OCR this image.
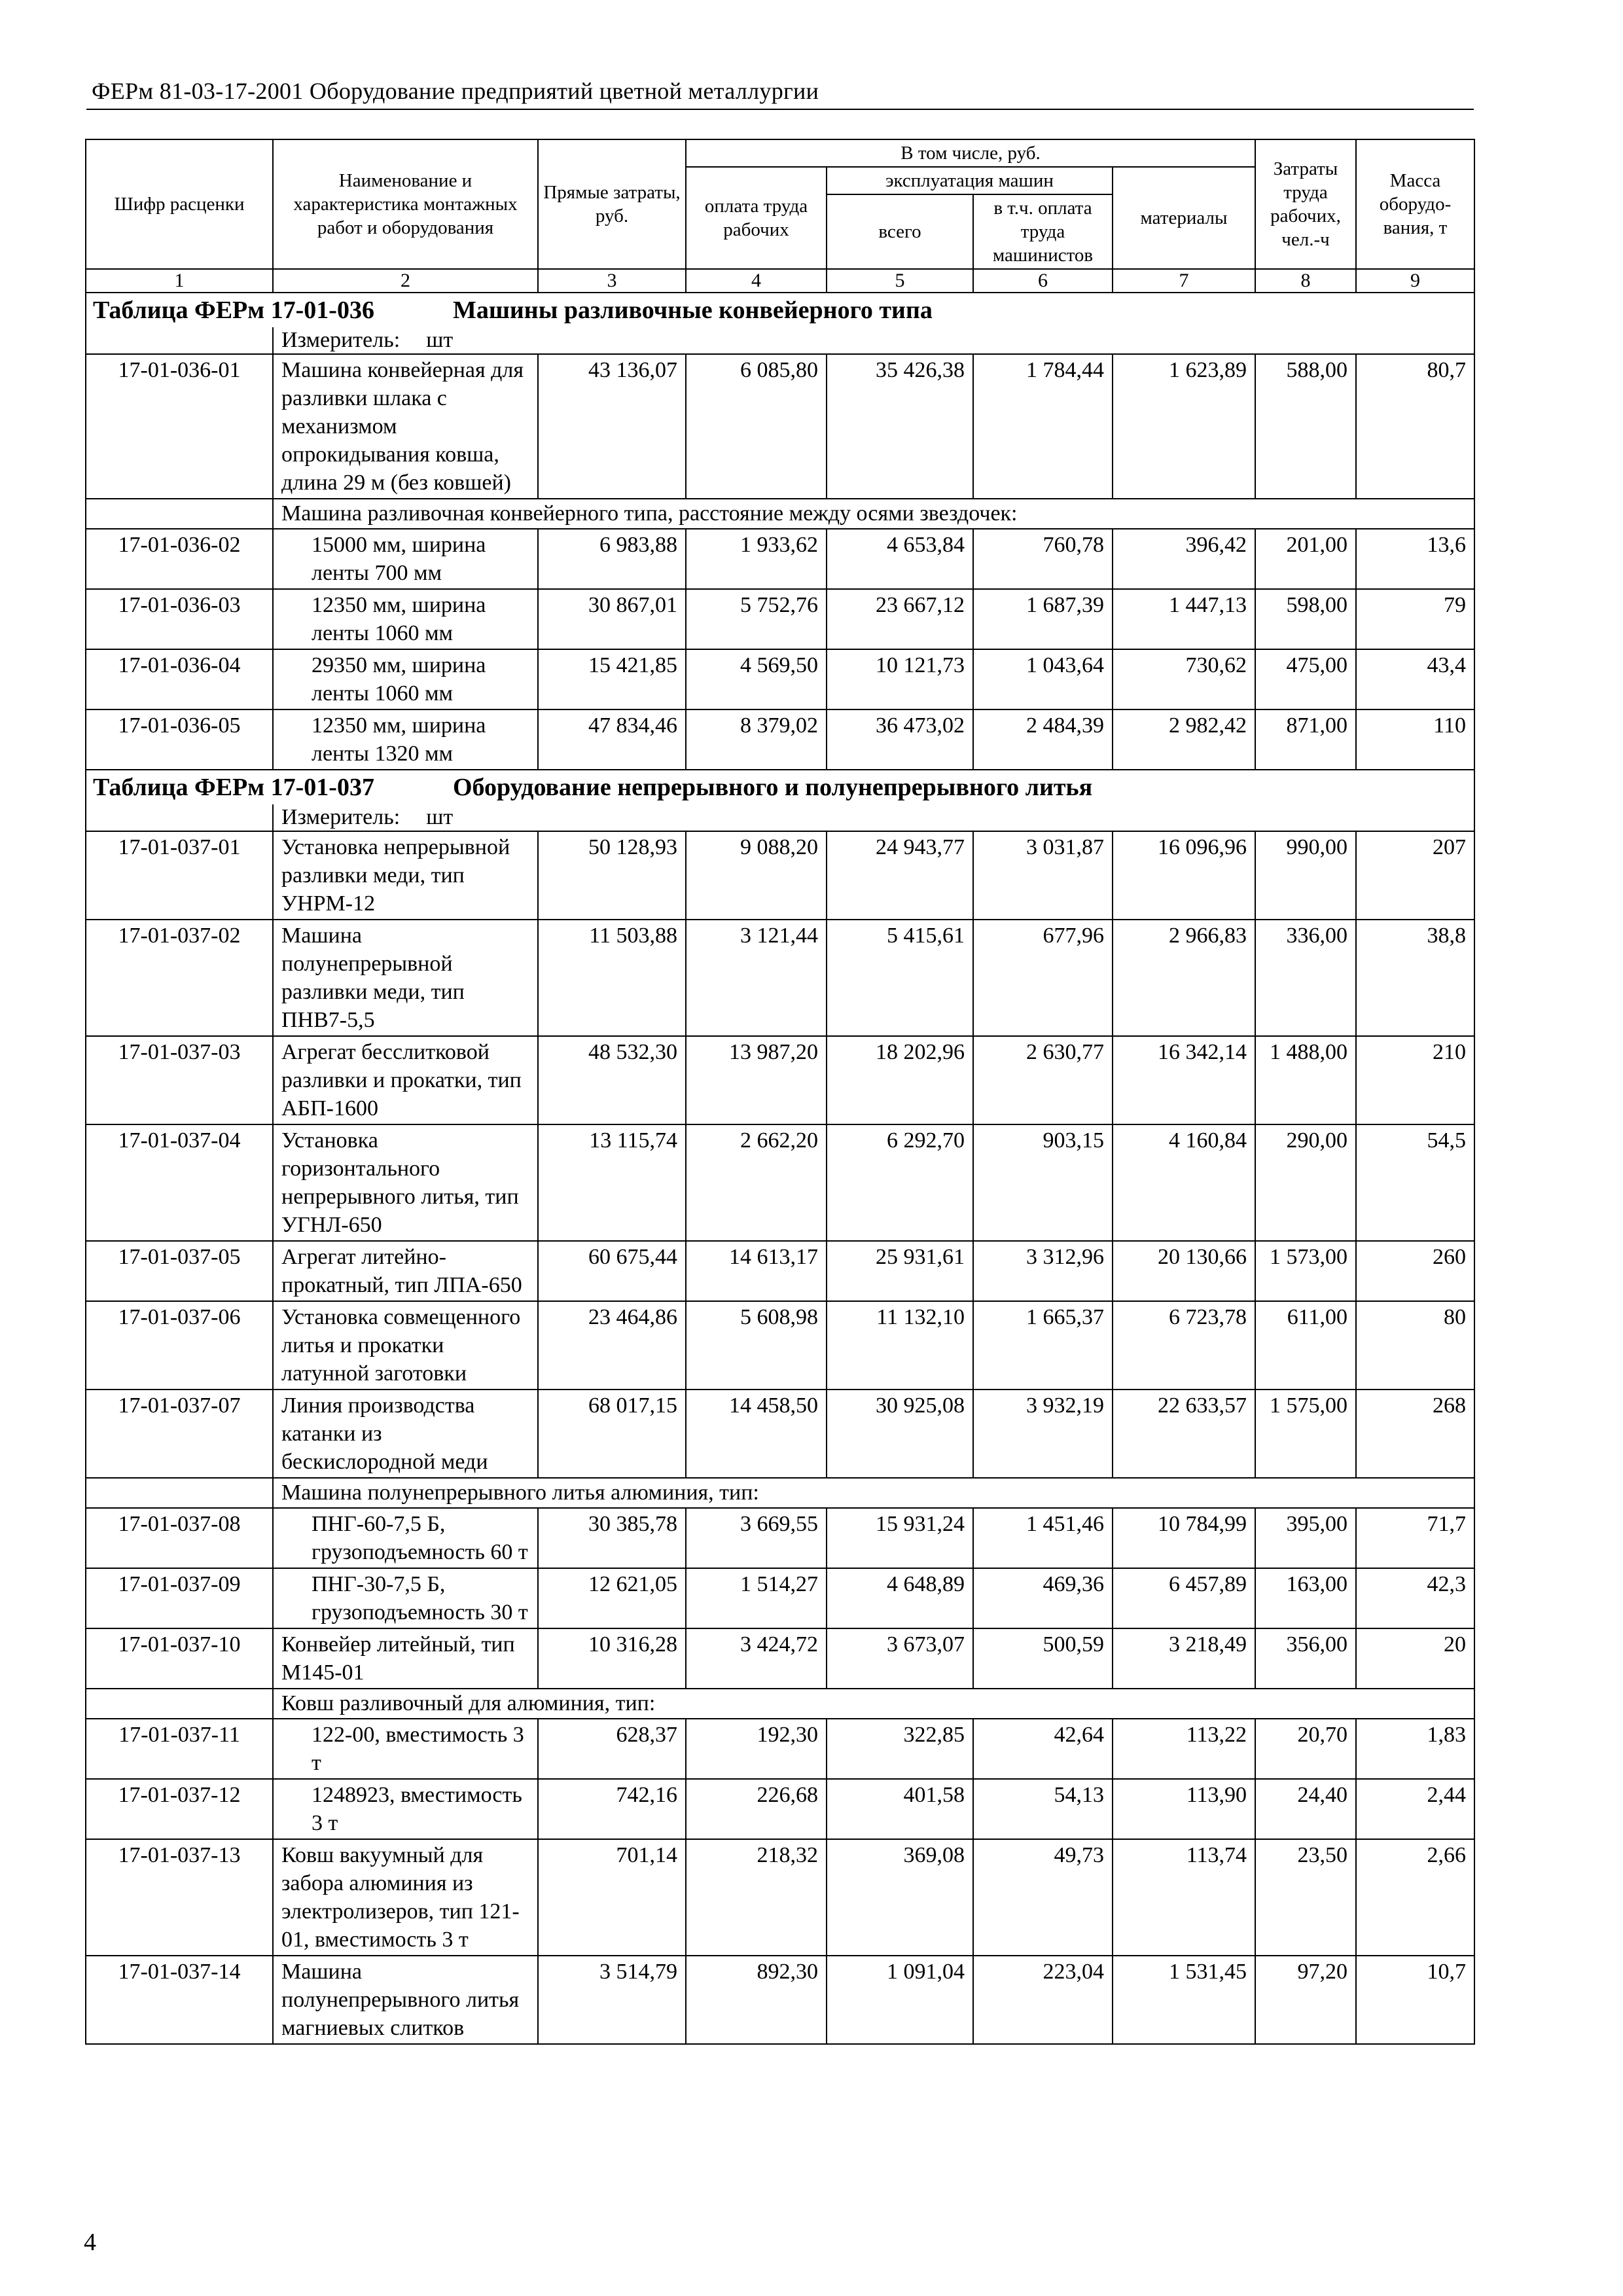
ФЕРм 81-03-17-2001 Оборудование предприятий цветной металлургии
Шифр расценки	Наименование и характеристика монтажных работ и оборудования	Прямые затраты, руб.	В том числе, руб.				Затраты труда рабочих, чел.-ч	Масса оборудо-вания, т
			оплата труда рабочих	эксплуатация машин		материалы		
				всего	в т.ч. оплата труда машинистов			
1	2	3	4	5	6	7	8	9
Таблица ФЕРм 17-01-036 Машины разливочные конвейерного типа								
	Измеритель: шт							
17-01-036-01	Машина конвейерная для разливки шлака с механизмом опрокидывания ковша, длина 29 м (без ковшей)	43 136,07	6 085,80	35 426,38	1 784,44	1 623,89	588,00	80,7
	Машина разливочная конвейерного типа, расстояние между осями звездочек:							
17-01-036-02	15000 мм, ширина ленты 700 мм	6 983,88	1 933,62	4 653,84	760,78	396,42	201,00	13,6
17-01-036-03	12350 мм, ширина ленты 1060 мм	30 867,01	5 752,76	23 667,12	1 687,39	1 447,13	598,00	79
17-01-036-04	29350 мм, ширина ленты 1060 мм	15 421,85	4 569,50	10 121,73	1 043,64	730,62	475,00	43,4
17-01-036-05	12350 мм, ширина ленты 1320 мм	47 834,46	8 379,02	36 473,02	2 484,39	2 982,42	871,00	110
Таблица ФЕРм 17-01-037 Оборудование непрерывного и полунепрерывного литья								
	Измеритель: шт							
17-01-037-01	Установка непрерывной разливки меди, тип УНРМ-12	50 128,93	9 088,20	24 943,77	3 031,87	16 096,96	990,00	207
17-01-037-02	Машина полунепрерывной разливки меди, тип ПНВ7-5,5	11 503,88	3 121,44	5 415,61	677,96	2 966,83	336,00	38,8
17-01-037-03	Агрегат бесслитковой разливки и прокатки, тип АБП-1600	48 532,30	13 987,20	18 202,96	2 630,77	16 342,14	1 488,00	210
17-01-037-04	Установка горизонтального непрерывного литья, тип УГНЛ-650	13 115,74	2 662,20	6 292,70	903,15	4 160,84	290,00	54,5
17-01-037-05	Агрегат литейно-прокатный, тип ЛПА-650	60 675,44	14 613,17	25 931,61	3 312,96	20 130,66	1 573,00	260
17-01-037-06	Установка совмещенного литья и прокатки латунной заготовки	23 464,86	5 608,98	11 132,10	1 665,37	6 723,78	611,00	80
17-01-037-07	Линия производства катанки из бескислородной меди	68 017,15	14 458,50	30 925,08	3 932,19	22 633,57	1 575,00	268
	Машина полунепрерывного литья алюминия, тип:							
17-01-037-08	ПНГ-60-7,5 Б, грузоподъемность 60 т	30 385,78	3 669,55	15 931,24	1 451,46	10 784,99	395,00	71,7
17-01-037-09	ПНГ-30-7,5 Б, грузоподъемность 30 т	12 621,05	1 514,27	4 648,89	469,36	6 457,89	163,00	42,3
17-01-037-10	Конвейер литейный, тип М145-01	10 316,28	3 424,72	3 673,07	500,59	3 218,49	356,00	20
	Ковш разливочный для алюминия, тип:							
17-01-037-11	122-00, вместимость 3 т	628,37	192,30	322,85	42,64	113,22	20,70	1,83
17-01-037-12	1248923, вместимость 3 т	742,16	226,68	401,58	54,13	113,90	24,40	2,44
17-01-037-13	Ковш вакуумный для забора алюминия из электролизеров, тип 121-01, вместимость 3 т	701,14	218,32	369,08	49,73	113,74	23,50	2,66
17-01-037-14	Машина полунепрерывного литья магниевых слитков	3 514,79	892,30	1 091,04	223,04	1 531,45	97,20	10,7
4
